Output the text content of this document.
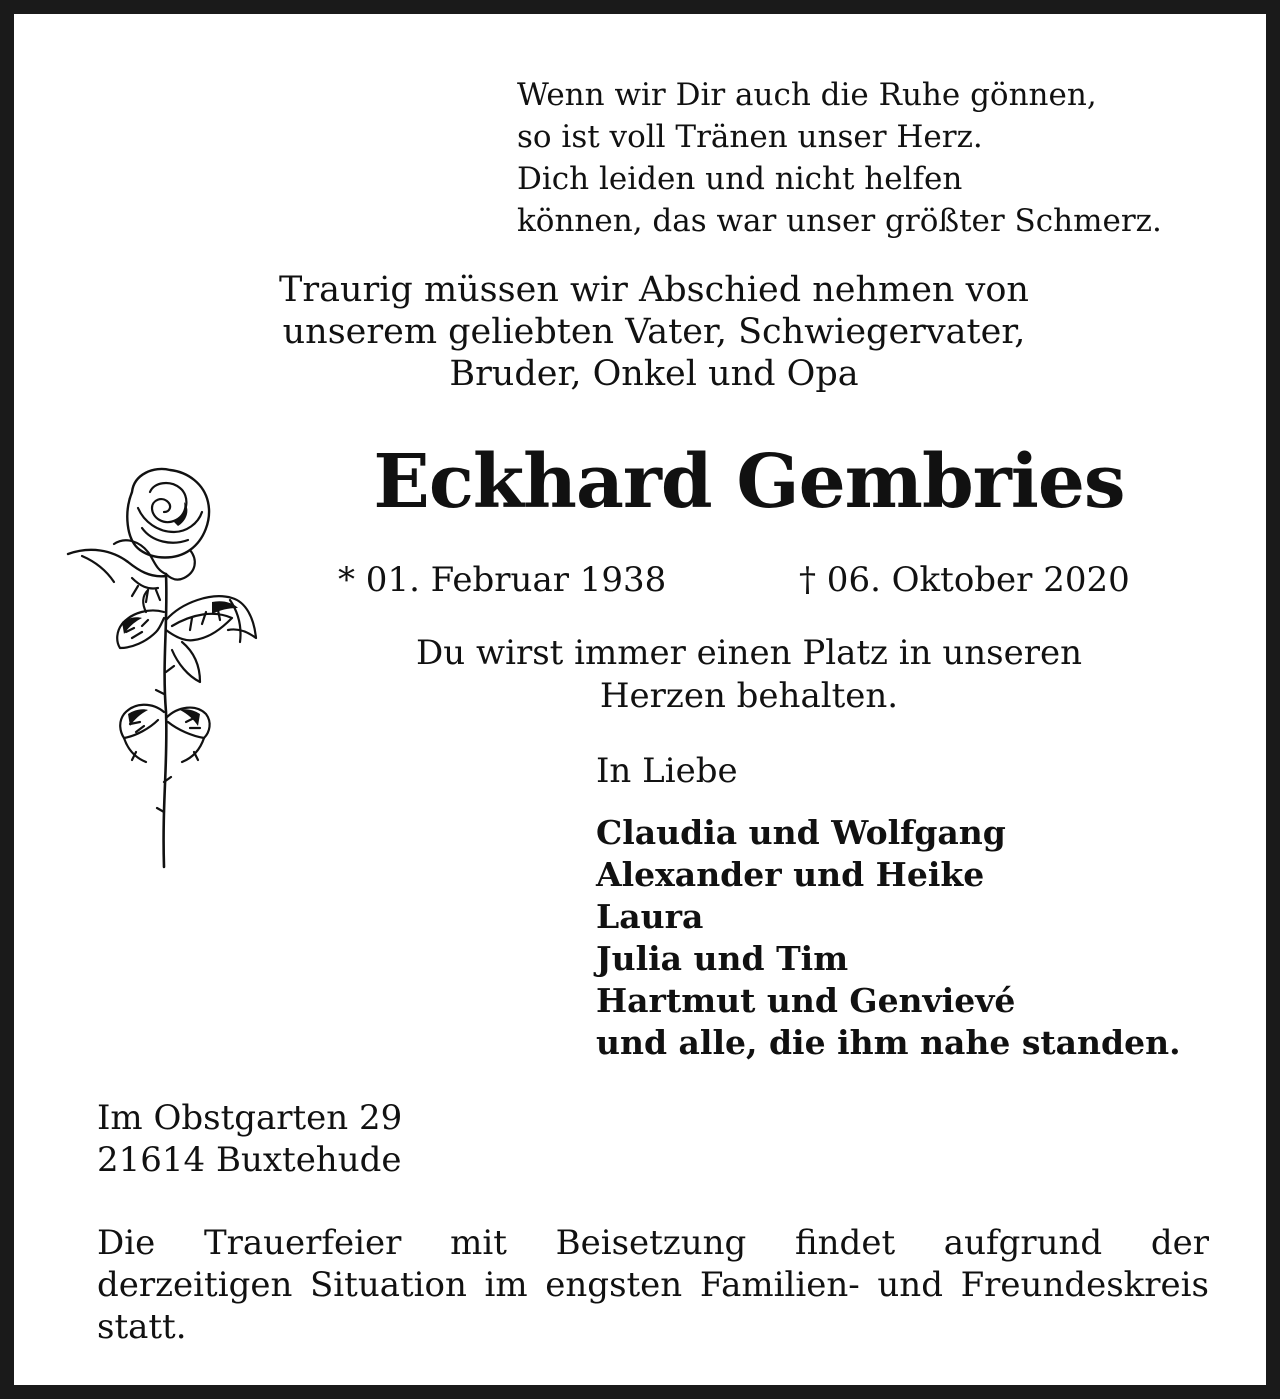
Wenn wir Dir auch die Ruhe gönnen,
so ist voll Tränen unser Herz.
Dich leiden und nicht helfen
können, das war unser größter Schmerz.
Traurig müssen wir Abschied nehmen von
unserem geliebten Vater, Schwiegervater,
Bruder, Onkel und Opa
Eckhard Gembries
* 01. Februar 1938	† 06. Oktober 2020
Du wirst immer einen Platz in unseren
Herzen behalten.
In Liebe
Claudia und Wolfgang
Alexander und Heike
Laura
Julia und Tim
Hartmut und Genvievé
und alle, die ihm nahe standen.
Im Obstgarten 29
21614 Buxtehude
Die Trauerfeier mit Beisetzung findet aufgrund der
derzeitigen Situation im engsten Familien- und Freundeskreis
statt.
